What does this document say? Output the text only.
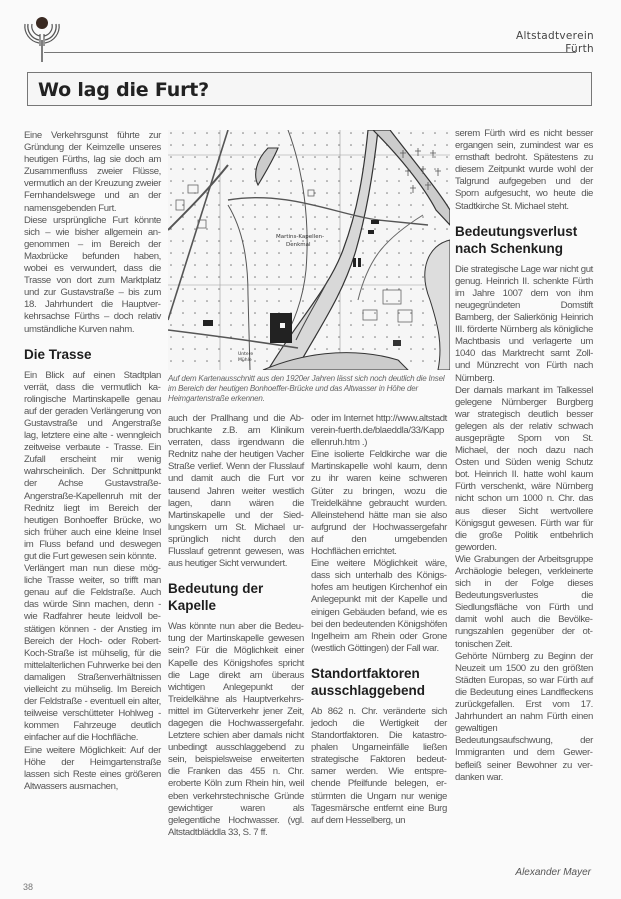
Altstadtverein
Fürth
Wo lag die Furt?

Eine Verkehrsgunst führte zur Gründung der Keimzelle unseres heutigen Fürths, lag sie doch am Zusammenfluss zweier Flüsse, vermutlich an der Kreuzung zweier Fernhandelswege und an der namensgebenden Furt.

Diese ursprüngliche Furt könnte sich – wie bisher allgemein angenommen – im Bereich der Maxbrücke befunden haben, wobei es verwundert, dass die Trasse von dort zum Marktplatz und zur Gustavstraße – bis zum 18. Jahrhundert die Hauptverkehrsachse Fürths – doch relativ umständliche Kurven nahm.

Die Trasse

Ein Blick auf einen Stadtplan verrät, dass die vermutlich karolingische Martinskapelle genau auf der geraden Verlängerung von Gustavstraße und Angerstraße lag, letztere eine alte - wenngleich zeitweise verbaute - Trasse. Ein Zufall erscheint mir wenig wahrscheinlich. Der Schnittpunkt der Achse Gustavstraße-Angerstraße-Kapellenruh mit der Rednitz liegt im Bereich der heutigen Bonhoeffer Brücke, wo sich früher auch eine kleine Insel im Fluss befand und deswegen gut die Furt gewesen sein könnte.

Verlängert man nun diese mögliche Trasse weiter, so trifft man genau auf die Feldstraße. Auch das würde Sinn machen, denn - wie Radfahrer heute leidvoll bestätigen können - der Anstieg im Bereich der Hoch- oder Robert-Koch-Straße ist mühselig, für die mittelalterlichen Fuhrwerke bei den damaligen Straßenverhältnissen vielleicht zu mühselig. Im Bereich der Feldstraße - eventuell ein alter, teilweise verschütteter Hohlweg - kommen Fahrzeuge deutlich einfacher auf die Hochfläche.

Eine weitere Möglichkeit: Auf der Höhe der Heimgartenstraße lassen sich Reste eines größeren Altwassers ausmachen,

Martins-Kapellen-
Denkmal
Untere
Mühle
Auf dem Kartenausschnitt aus den 1920er Jahren lässt sich noch deutlich die Insel im Bereich der heutigen Bonhoeffer-Brücke und das Altwasser in Höhe der Heimgartenstraße erkennen.

auch der Prallhang und die Abbruchkante z.B. am Klinikum verraten, dass irgendwann die Rednitz nahe der heutigen Vacher Straße verlief. Wenn der Flusslauf und damit auch die Furt vor tausend Jahren weiter westlich lagen, dann wären die Martinskapelle und der Siedlungskern um St. Michael ursprünglich nicht durch den Flusslauf getrennt gewesen, was aus heutiger Sicht verwundert.

Bedeutung der Kapelle

Was könnte nun aber die Bedeutung der Martinskapelle gewesen sein? Für die Möglichkeit einer Kapelle des Königshofes spricht die Lage direkt am überaus wichtigen Anlegepunkt der Treidelkähne als Hauptverkehrsmittel im Güterverkehr jener Zeit, dagegen die Hochwassergefahr. Letztere schien aber damals nicht unbedingt ausschlaggebend zu sein, beispielsweise erweiterten die Franken das 455 n. Chr. eroberte Köln zum Rhein hin, weil eben verkehrstechnische Gründe gewichtiger waren als gelegentliche Hochwasser. (vgl. Altstadtbläddla 33, S. 7 ff.

oder im Internet http://www.altstadtverein-fuerth.de/blaeddla/33/Kappellenruh.htm .)

Eine isolierte Feldkirche war die Martinskapelle wohl kaum, denn zu ihr waren keine schweren Güter zu bringen, wozu die Treidelkähne gebraucht wurden. Alleinstehend hätte man sie also aufgrund der Hochwassergefahr auf den umgebenden Hochflächen errichtet.

Eine weitere Möglichkeit wäre, dass sich unterhalb des Königshofes am heutigen Kirchenhof ein Anlegepunkt mit der Kapelle und einigen Gebäuden befand, wie es bei den bedeutenden Königshöfen Ingelheim am Rhein oder Grone (westlich Göttingen) der Fall war.

Standortfaktoren ausschlaggebend

Ab 862 n. Chr. veränderte sich jedoch die Wertigkeit der Standortfaktoren. Die katastrophalen Ungarneinfälle ließen strategische Faktoren bedeutsamer werden. Wie entsprechende Pfeilfunde belegen, erstürmten die Ungarn nur wenige Tagesmärsche entfernt eine Burg auf dem Hesselberg, un

serem Fürth wird es nicht besser ergangen sein, zumindest war es ernsthaft bedroht. Spätestens zu diesem Zeitpunkt wurde wohl der Talgrund aufgegeben und der Sporn aufgesucht, wo heute die Stadtkirche St. Michael steht.

Bedeutungsverlust nach Schenkung

Die strategische Lage war nicht gut genug. Heinrich II. schenkte Fürth im Jahre 1007 dem von ihm neugegründeten Domstift Bamberg, der Salierkönig Heinrich III. förderte Nürnberg als königliche Machtbasis und verlagerte um 1040 das Marktrecht samt Zoll- und Münzrecht von Fürth nach Nürnberg.

Der damals markant im Talkessel gelegene Nürnberger Burgberg war strategisch deutlich besser gelegen als der relativ schwach ausgeprägte Sporn von St. Michael, der noch dazu nach Osten und Süden wenig Schutz bot. Heinrich II. hatte wohl kaum Fürth verschenkt, wäre Nürnberg nicht schon um 1000 n. Chr. das aus dieser Sicht wertvollere Königsgut gewesen. Fürth war für die große Politik entbehrlich geworden.

Wie Grabungen der Arbeitsgruppe Archäologie belegen, verkleinerte sich in der Folge dieses Bedeutungsverlustes die Siedlungsfläche von Fürth und damit wohl auch die Bevölkerungszahlen gegenüber der ottonischen Zeit.

Gehörte Nürnberg zu Beginn der Neuzeit um 1500 zu den größten Städten Europas, so war Fürth auf die Bedeutung eines Landfleckens zurückgefallen. Erst vom 17. Jahrhundert an nahm Fürth einen gewaltigen Bedeutungsaufschwung, der Immigranten und dem Gewerbefleiß seiner Bewohner zu verdanken war.

Alexander Mayer
38
